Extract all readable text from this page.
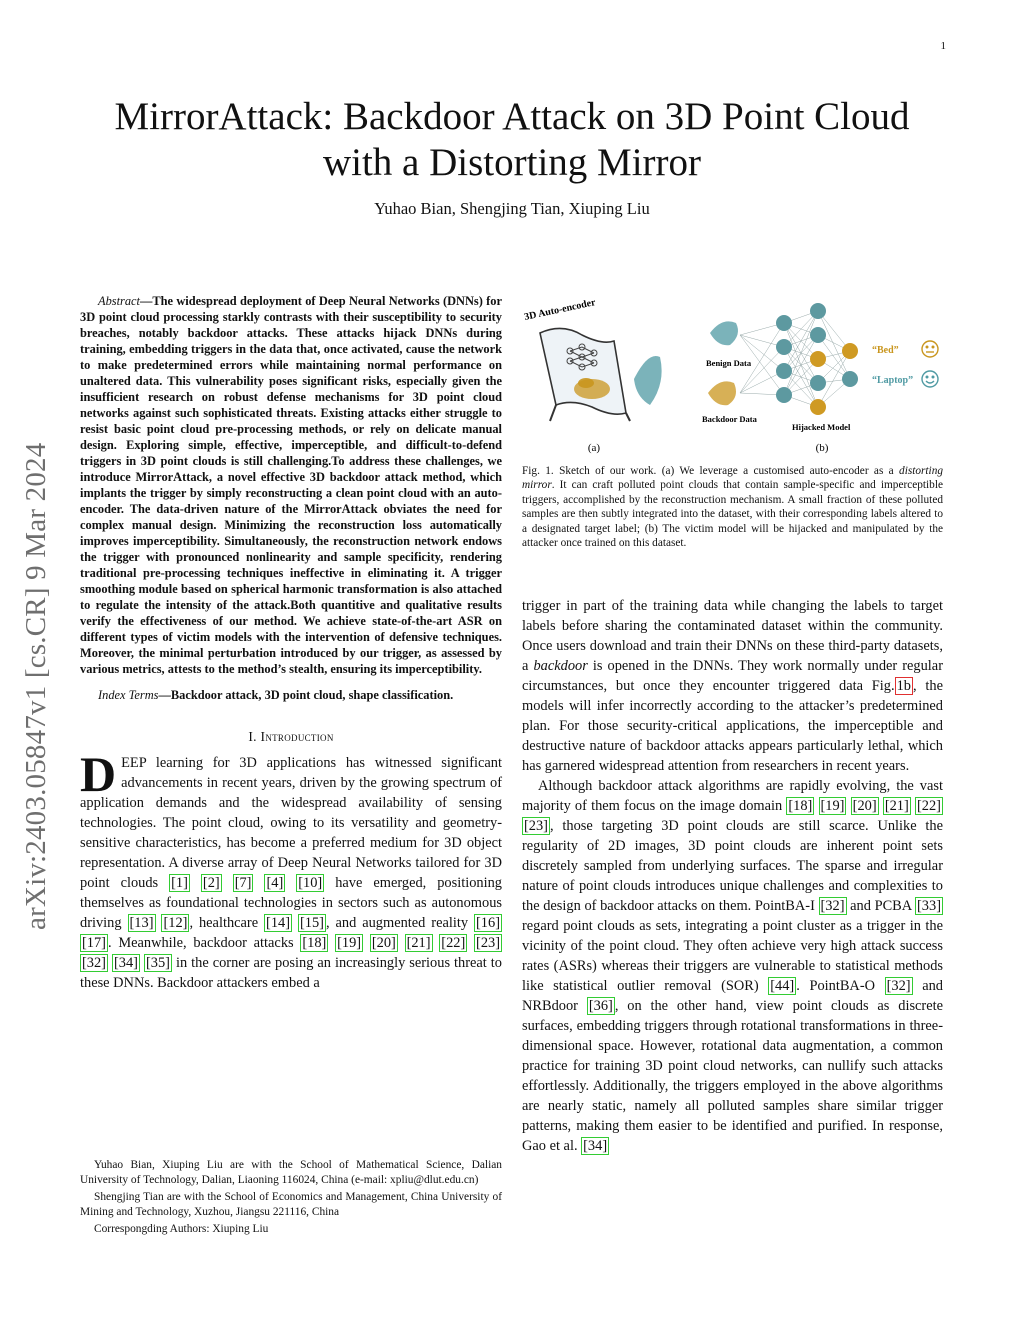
1
arXiv:2403.05847v1 [cs.CR] 9 Mar 2024
MirrorAttack: Backdoor Attack on 3D Point Cloud
with a Distorting Mirror
Yuhao Bian, Shengjing Tian, Xiuping Liu

Abstract—The widespread deployment of Deep Neural Networks (DNNs) for 3D point cloud processing starkly contrasts with their susceptibility to security breaches, notably backdoor attacks. These attacks hijack DNNs during training, embedding triggers in the data that, once activated, cause the network to make predetermined errors while maintaining normal performance on unaltered data. This vulnerability poses significant risks, especially given the insufficient research on robust defense mechanisms for 3D point cloud networks against such sophisticated threats. Existing attacks either struggle to resist basic point cloud pre-processing methods, or rely on delicate manual design. Exploring simple, effective, imperceptible, and difficult-to-defend triggers in 3D point clouds is still challenging.To address these challenges, we introduce MirrorAttack, a novel effective 3D backdoor attack method, which implants the trigger by simply reconstructing a clean point cloud with an auto-encoder. The data-driven nature of the MirrorAttack obviates the need for complex manual design. Minimizing the reconstruction loss automatically improves imperceptibility. Simultaneously, the reconstruction network endows the trigger with pronounced nonlinearity and sample specificity, rendering traditional pre-processing techniques ineffective in eliminating it. A trigger smoothing module based on spherical harmonic transformation is also attached to regulate the intensity of the attack.Both quantitive and qualitative results verify the effectiveness of our method. We achieve state-of-the-art ASR on different types of victim models with the intervention of defensive techniques. Moreover, the minimal perturbation introduced by our trigger, as assessed by various metrics, attests to the method’s stealth, ensuring its imperceptibility.

Index Terms—Backdoor attack, 3D point cloud, shape classification.

I. Introduction

DEEP learning for 3D applications has witnessed significant advancements in recent years, driven by the growing spectrum of application demands and the widespread availability of sensing technologies. The point cloud, owing to its versatility and geometry-sensitive characteristics, has become a preferred medium for 3D object representation. A diverse array of Deep Neural Networks tailored for 3D point clouds [1] [2] [7] [4] [10] have emerged, positioning themselves as foundational technologies in sectors such as autonomous driving [13] [12] , healthcare [14] [15] , and augmented reality [16] [17] . Meanwhile, backdoor attacks [18] [19] [20] [21] [22] [23] [32] [34] [35] in the corner are posing an increasingly serious threat to these DNNs. Backdoor attackers embed a

Yuhao Bian, Xiuping Liu are with the School of Mathematical Science, Dalian University of Technology, Dalian, Liaoning 116024, China (e-mail: xpliu@dlut.edu.cn)

Shengjing Tian are with the School of Economics and Management, China University of Mining and Technology, Xuzhou, Jiangsu 221116, China

Correspongding Authors: Xiuping Liu

3D Auto-encoder
(a)
Benign Data
Backdoor Data
Hijacked Model
“Bed”
“Laptop”
(b)

Fig. 1. Sketch of our work. (a) We leverage a customised auto-encoder as a distorting mirror. It can craft polluted point clouds that contain sample-specific and imperceptible triggers, accomplished by the reconstruction mechanism. A small fraction of these polluted samples are then subtly integrated into the dataset, with their corresponding labels altered to a designated target label; (b) The victim model will be hijacked and manipulated by the attacker once trained on this dataset.

trigger in part of the training data while changing the labels to target labels before sharing the contaminated dataset within the community. Once users download and train their DNNs on these third-party datasets, a backdoor is opened in the DNNs. They work normally under regular circumstances, but once they encounter triggered data Fig. 1b , the models will infer incorrectly according to the attacker’s predetermined plan. For those security-critical applications, the imperceptible and destructive nature of backdoor attacks appears particularly lethal, which has garnered widespread attention from researchers in recent years.

Although backdoor attack algorithms are rapidly evolving, the vast majority of them focus on the image domain [18] [19] [20] [21] [22] [23] , those targeting 3D point clouds are still scarce. Unlike the regularity of 2D images, 3D point clouds are inherent point sets discretely sampled from underlying surfaces. The sparse and irregular nature of point clouds introduces unique challenges and complexities to the design of backdoor attacks on them. PointBA-I [32] and PCBA [33] regard point clouds as sets, integrating a point cluster as a trigger in the vicinity of the point cloud. They often achieve very high attack success rates (ASRs) whereas their triggers are vulnerable to statistical methods like statistical outlier removal (SOR) [44] . PointBA-O [32] and NRBdoor [36] , on the other hand, view point clouds as discrete surfaces, embedding triggers through rotational transformations in three-dimensional space. However, rotational data augmentation, a common practice for training 3D point cloud networks, can nullify such attacks effortlessly. Additionally, the triggers employed in the above algorithms are nearly static, namely all polluted samples share similar trigger patterns, making them easier to be identified and purified. In response, Gao et al. [34]
